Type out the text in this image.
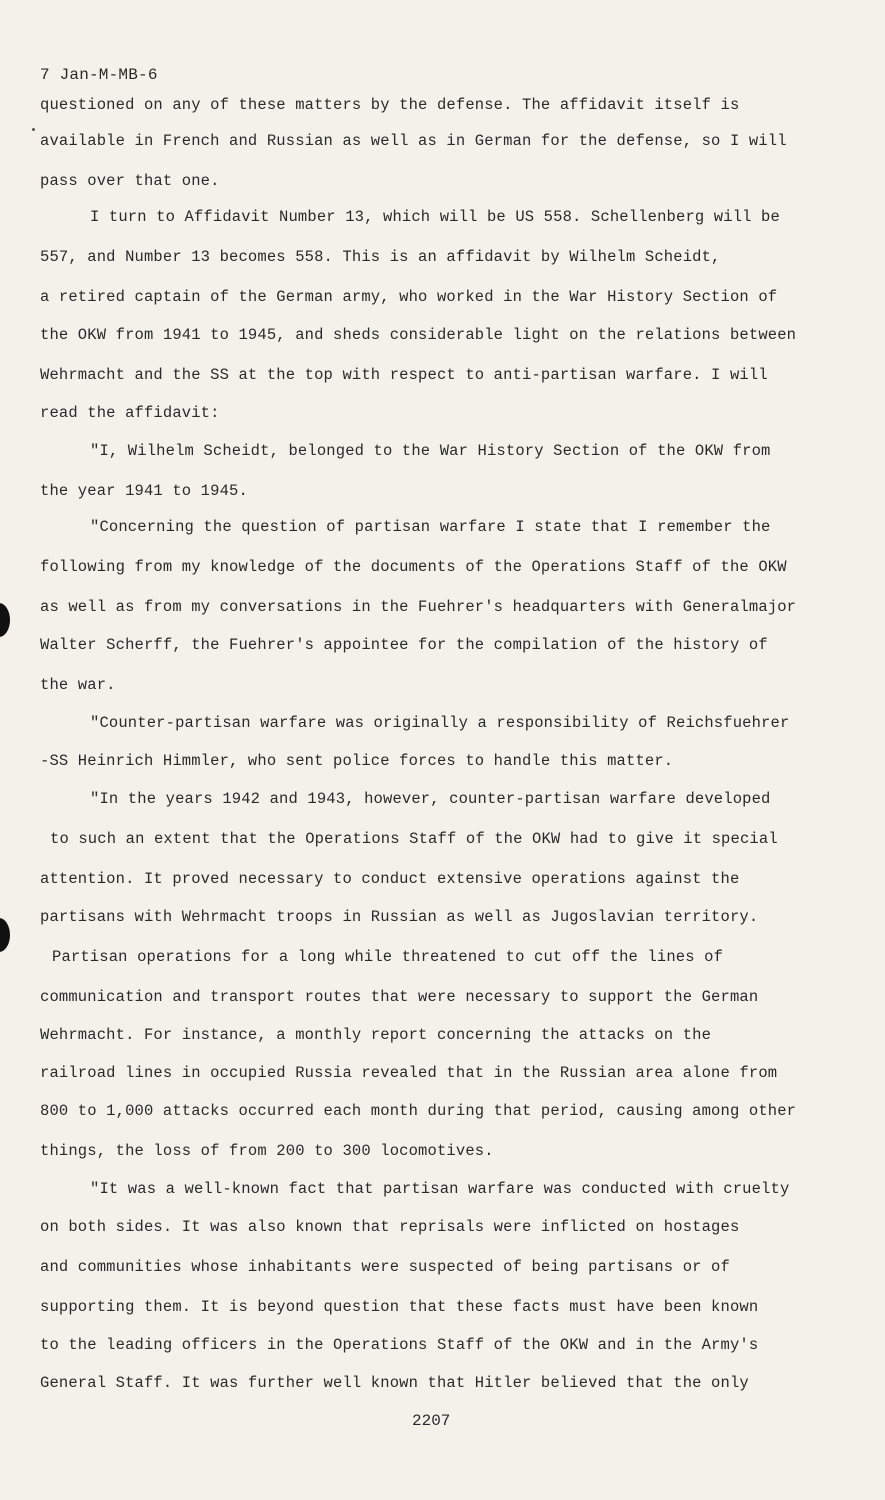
7 Jan-M-MB-6
questioned on any of these matters by the defense. The affidavit itself is
available in French and Russian as well as in German for the defense, so I will
pass over that one.
I turn to Affidavit Number 13, which will be US 558. Schellenberg will be
557, and Number 13 becomes 558. This is an affidavit by Wilhelm Scheidt,
a retired captain of the German army, who worked in the War History Section of
the OKW from 1941 to 1945, and sheds considerable light on the relations between
Wehrmacht and the SS at the top with respect to anti-partisan warfare. I will
read the affidavit:
"I, Wilhelm Scheidt, belonged to the War History Section of the OKW from
the year 1941 to 1945.
"Concerning the question of partisan warfare I state that I remember the
following from my knowledge of the documents of the Operations Staff of the OKW
as well as from my conversations in the Fuehrer's headquarters with Generalmajor
Walter Scherff, the Fuehrer's appointee for the compilation of the history of
the war.
"Counter-partisan warfare was originally a responsibility of Reichsfuehrer
-SS Heinrich Himmler, who sent police forces to handle this matter.
"In the years 1942 and 1943, however, counter-partisan warfare developed
to such an extent that the Operations Staff of the OKW had to give it special
attention. It proved necessary to conduct extensive operations against the
partisans with Wehrmacht troops in Russian as well as Jugoslavian territory.
Partisan operations for a long while threatened to cut off the lines of
communication and transport routes that were necessary to support the German
Wehrmacht. For instance, a monthly report concerning the attacks on the
railroad lines in occupied Russia revealed that in the Russian area alone from
800 to 1,000 attacks occurred each month during that period, causing among other
things, the loss of from 200 to 300 locomotives.
"It was a well-known fact that partisan warfare was conducted with cruelty
on both sides. It was also known that reprisals were inflicted on hostages
and communities whose inhabitants were suspected of being partisans or of
supporting them. It is beyond question that these facts must have been known
to the leading officers in the Operations Staff of the OKW and in the Army's
General Staff. It was further well known that Hitler believed that the only
2207
